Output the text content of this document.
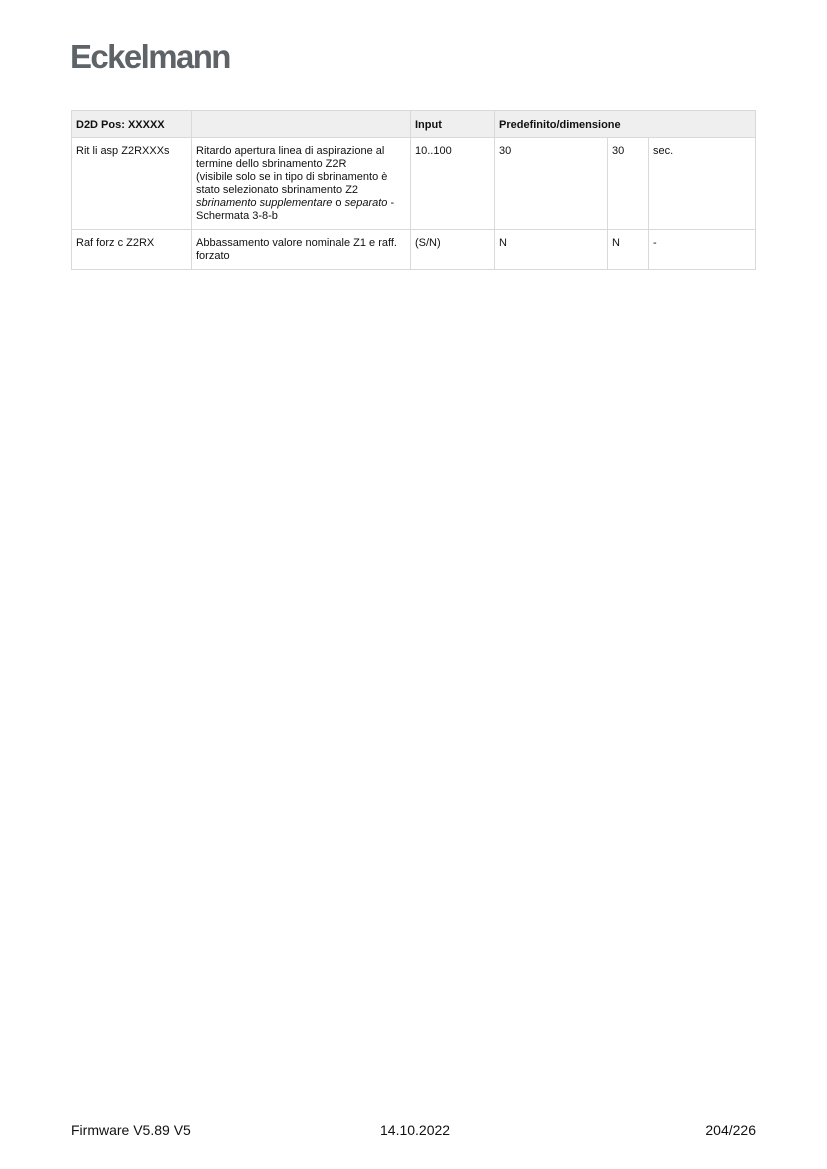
Eckelmann
D2D Pos: XXXXX		Input	Predefinito/dimensione		
Rit li asp Z2RXXXs	Ritardo apertura linea di aspirazione al termine dello sbrinamento Z2R
(visibile solo se in tipo di sbrinamento è stato selezionato sbrinamento Z2 sbrinamento supplementare o separato - Schermata 3-8-b	10..100	30	30	sec.
Raf forz c Z2RX	Abbassamento valore nominale Z1 e raff. forzato	(S/N)	N	N	-
Firmware V5.89 V5	14.10.2022	204/226
